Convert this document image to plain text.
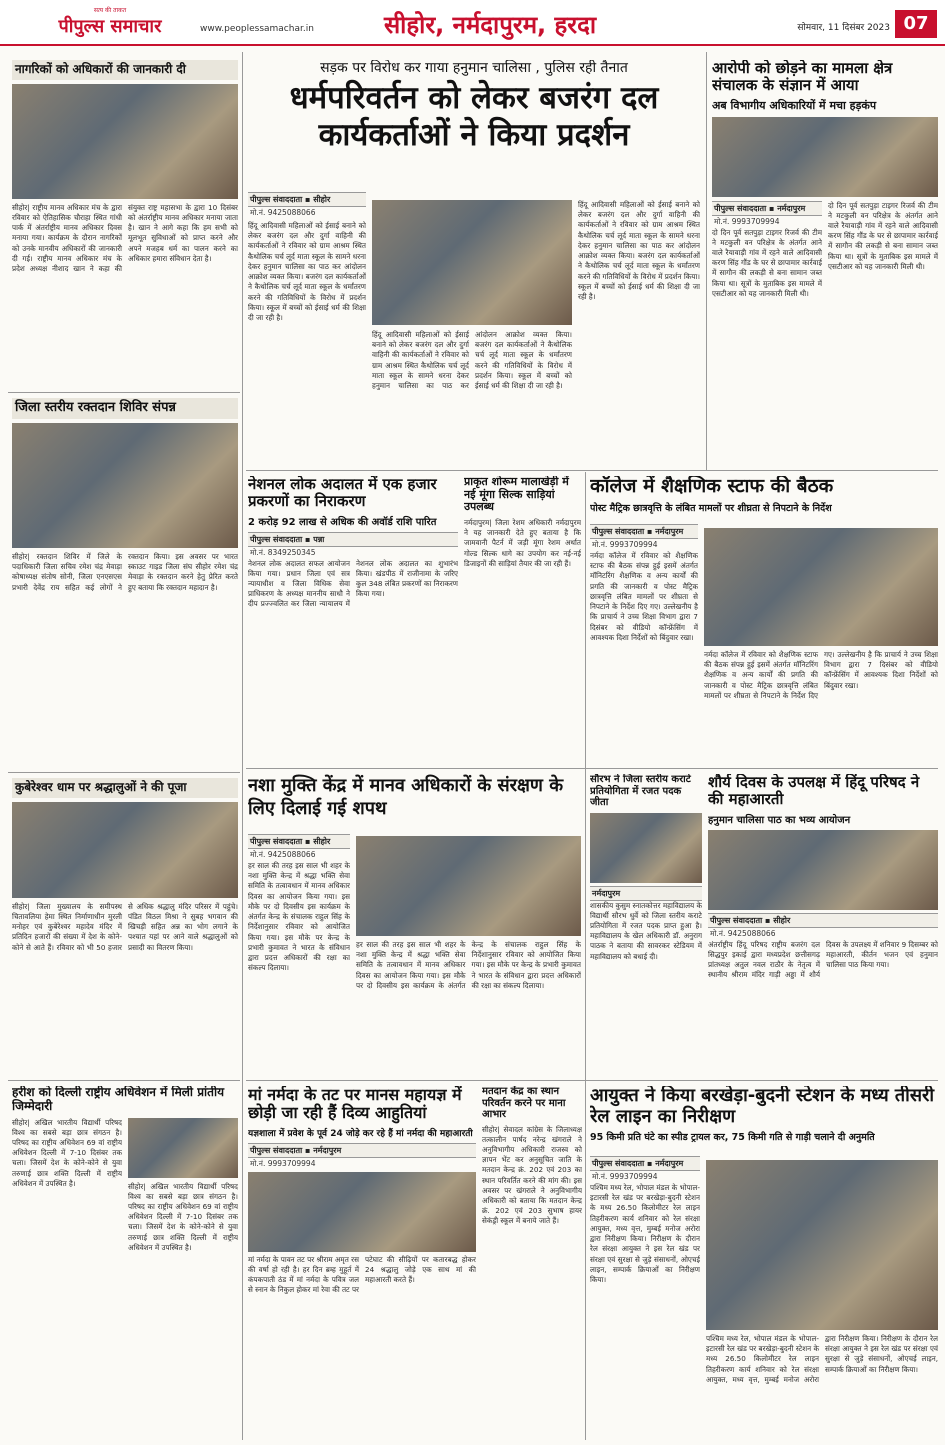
सत्य की ताकत
पीपुल्स समाचार	www.peoplessamachar.in	सीहोर, नर्मदापुरम, हरदा	सोमवार, 11 दिसंबर 2023 07
नागरिकों को अधिकारों की जानकारी दी
सीहोर| राष्ट्रीय मानव अधिकार मंच के द्वारा रविवार को ऐतिहासिक चौराहा स्थित गांधी पार्क में अंतर्राष्ट्रीय मानव अधिकार दिवस मनाया गया। कार्यक्रम के दौरान नागरिकों को उनके मानवीय अधिकारों की जानकारी दी गई। राष्ट्रीय मानव अधिकार मंच के प्रदेश अध्यक्ष नीशाद खान ने कहा की संयुक्त राष्ट्र महासभा के द्वारा 10 दिसंबर को अंतर्राष्ट्रीय मानव अधिकार मनाया जाता है। खान ने आगे कहा कि हम सभी को मूलभूत सुविधाओं को प्राप्त करने और अपने मजहब धर्म का पालन करने का अधिकार हमारा संविधान देता है।
सड़क पर विरोध कर गाया हनुमान चालिसा , पुलिस रही तैनात
धर्मपरिवर्तन को लेकर बजरंग दल कार्यकर्ताओं ने किया प्रदर्शन
पीपुल्स संवाददाता ▪ सीहोर
मो.नं. 9425088066
हिंदू आदिवासी महिलाओं को ईसाई बनाने को लेकर बजरंग दल और दुर्गा वाहिनी की कार्यकर्ताओं ने रविवार को ग्राम आश्रम स्थित कैथोलिक चर्च लूर्द माता स्कूल के सामने धरना देकर हनुमान चालिसा का पाठ कर आंदोलन आक्रोश व्यक्त किया। बजरंग दल कार्यकर्ताओं ने कैथोलिक चर्च लूर्द माता स्कूल के धर्मांतरण करने की गतिविधियों के विरोध में प्रदर्शन किया। स्कूल में बच्चों को ईसाई धर्म की शिक्षा दी जा रही है।
हिंदू आदिवासी महिलाओं को ईसाई बनाने को लेकर बजरंग दल और दुर्गा वाहिनी की कार्यकर्ताओं ने रविवार को ग्राम आश्रम स्थित कैथोलिक चर्च लूर्द माता स्कूल के सामने धरना देकर हनुमान चालिसा का पाठ कर आंदोलन आक्रोश व्यक्त किया। बजरंग दल कार्यकर्ताओं ने कैथोलिक चर्च लूर्द माता स्कूल के धर्मांतरण करने की गतिविधियों के विरोध में प्रदर्शन किया। स्कूल में बच्चों को ईसाई धर्म की शिक्षा दी जा रही है।
हिंदू आदिवासी महिलाओं को ईसाई बनाने को लेकर बजरंग दल और दुर्गा वाहिनी की कार्यकर्ताओं ने रविवार को ग्राम आश्रम स्थित कैथोलिक चर्च लूर्द माता स्कूल के सामने धरना देकर हनुमान चालिसा का पाठ कर आंदोलन आक्रोश व्यक्त किया। बजरंग दल कार्यकर्ताओं ने कैथोलिक चर्च लूर्द माता स्कूल के धर्मांतरण करने की गतिविधियों के विरोध में प्रदर्शन किया। स्कूल में बच्चों को ईसाई धर्म की शिक्षा दी जा रही है।
आरोपी को छोड़ने का मामला क्षेत्र संचालक के संज्ञान में आया
अब विभागीय अधिकारियों में मचा हड़कंप
पीपुल्स संवाददाता ▪ नर्मदापुरम
मो.नं. 9993709994
दो दिन पूर्व सतपुड़ा टाइगर रिजर्व की टीम ने मटकुली वन परिक्षेत्र के अंतर्गत आने वाले रैयावाड़ी गांव में रहने वाले आदिवासी करण सिंह गौंड के घर से छापामार कार्रवाई में सागौन की लकड़ी से बना सामान जब्त किया था। सूत्रों के मुताबिक इस मामले में एसटीआर को यह जानकारी मिली थी।
दो दिन पूर्व सतपुड़ा टाइगर रिजर्व की टीम ने मटकुली वन परिक्षेत्र के अंतर्गत आने वाले रैयावाड़ी गांव में रहने वाले आदिवासी करण सिंह गौंड के घर से छापामार कार्रवाई में सागौन की लकड़ी से बना सामान जब्त किया था। सूत्रों के मुताबिक इस मामले में एसटीआर को यह जानकारी मिली थी।
जिला स्तरीय रक्तदान शिविर संपन्न
सीहोर| रक्तदान शिविर में जिले के पदाधिकारी जिला सचिव रमेश चंद्र मेवाड़ा कोषाध्यक्ष संतोष सोनी, जिला एनएसएस प्रभारी देवेंद्र राय सहित कई लोगों ने रक्तदान किया। इस अवसर पर भारत स्काउट गाइड जिला संघ सीहोर रमेश चंद्र मेवाड़ा के रक्तदान करने हेतु प्रेरित करते हुए बताया कि रक्तदान महादान है।
नेशनल लोक अदालत में एक हजार प्रकरणों का निराकरण
2 करोड़ 92 लाख से अधिक की अवॉर्ड राशि पारित
पीपुल्स संवाददाता ▪ पन्ना
मो.नं. 8349250345
नेशनल लोक अदालत सफल आयोजन किया गया। प्रधान जिला एवं सत्र न्यायाधीश व जिला विधिक सेवा प्राधिकरण के अध्यक्ष माननीय साधौ ने दीप प्रज्ज्वलित कर जिला न्यायालय में नेशनल लोक अदालत का शुभारंभ किया। खंडपीठ में राजीनामा के जरिए कुल 348 लंबित प्रकरणों का निराकरण किया गया।
प्राकृत शोरूम मालाखेड़ी में नई मूंगा सिल्क साड़ियां उपलब्ध
नर्मदापुरम| जिला रेशम अधिकारी नर्मदापुरम ने यह जानकारी देते हुए बताया है कि जामवानी पैटर्न में जड़ी मूंगा रेशम अर्थात गोल्ड सिल्क धागे का उपयोग कर नई-नई डिजाइनों की साड़ियां तैयार की जा रही हैं।
कॉलेज में शैक्षणिक स्टाफ की बैठक
पोस्ट मैट्रिक छात्रवृत्ति के लंबित मामलों पर शीघ्रता से निपटाने के निर्देश
पीपुल्स संवाददाता ▪ नर्मदापुरम
मो.नं. 9993709994
नर्मदा कॉलेज में रविवार को शैक्षणिक स्टाफ की बैठक संपन्न हुई इसमें अंतर्गत मॉनिटरिंग शैक्षणिक व अन्य कार्यों की प्रगति की जानकारी व पोस्ट मैट्रिक छात्रवृत्ति लंबित मामलों पर शीघ्रता से निपटाने के निर्देश दिए गए। उल्लेखनीय है कि प्राचार्य ने उच्च शिक्षा विभाग द्वारा 7 दिसंबर को वीडियो कॉन्फ्रेंसिंग में आवश्यक दिशा निर्देशों को बिंदुवार रखा।
नर्मदा कॉलेज में रविवार को शैक्षणिक स्टाफ की बैठक संपन्न हुई इसमें अंतर्गत मॉनिटरिंग शैक्षणिक व अन्य कार्यों की प्रगति की जानकारी व पोस्ट मैट्रिक छात्रवृत्ति लंबित मामलों पर शीघ्रता से निपटाने के निर्देश दिए गए। उल्लेखनीय है कि प्राचार्य ने उच्च शिक्षा विभाग द्वारा 7 दिसंबर को वीडियो कॉन्फ्रेंसिंग में आवश्यक दिशा निर्देशों को बिंदुवार रखा।
कुबेरेश्वर धाम पर श्रद्धालुओं ने की पूजा
सीहोर| जिला मुख्यालय के समीपस्थ चितावलिया हेमा स्थित निर्माणाधीन मुरली मनोहर एवं कुबेरेश्वर महादेव मंदिर में प्रतिदिन हजारों की संख्या में देश के कोने-कोने से आते हैं। रविवार को भी 50 हजार से अधिक श्रद्धालु मंदिर परिसर में पहुंचे। पंडित विठल मिश्रा ने सुबह भगवान की खिचड़ी सहित अन्न का भोग लगाने के पश्चात यहां पर आने वाले श्रद्धालुओं को प्रसादी का वितरण किया।
नशा मुक्ति केंद्र में मानव अधिकारों के संरक्षण के लिए दिलाई गई शपथ
पीपुल्स संवाददाता ▪ सीहोर
मो.नं. 9425088066
हर साल की तरह इस साल भी शहर के नशा मुक्ति केन्द्र में श्रद्धा भक्ति सेवा समिति के तत्वावधान में मानव अधिकार दिवस का आयोजन किया गया। इस मौके पर दो दिवसीय इस कार्यक्रम के अंतर्गत केन्द्र के संचालक राहुल सिंह के निर्देशानुसार रविवार को आयोजित किया गया। इस मौके पर केन्द्र के प्रभारी कुमावत ने भारत के संविधान द्वारा प्रदत्त अधिकारों की रक्षा का संकल्प दिलाया।
हर साल की तरह इस साल भी शहर के नशा मुक्ति केन्द्र में श्रद्धा भक्ति सेवा समिति के तत्वावधान में मानव अधिकार दिवस का आयोजन किया गया। इस मौके पर दो दिवसीय इस कार्यक्रम के अंतर्गत केन्द्र के संचालक राहुल सिंह के निर्देशानुसार रविवार को आयोजित किया गया। इस मौके पर केन्द्र के प्रभारी कुमावत ने भारत के संविधान द्वारा प्रदत्त अधिकारों की रक्षा का संकल्प दिलाया।
सौरभ ने जिला स्तरीय कराटे प्रतियोगिता में रजत पदक जीता
नर्मदापुरम
शासकीय कुसुम स्नातकोत्तर महाविद्यालय के विद्यार्थी सौरभ धुर्वे को जिला स्तरीय कराटे प्रतियोगिता में रजत पदक प्राप्त हुआ है। महाविद्यालय के खेल अधिकारी डॉ. अनुराग पाठक ने बताया की सावरकर स्टेडियम में महाविद्यालय को बधाई दी।
शौर्य दिवस के उपलक्ष में हिंदू परिषद ने की महाआरती
हनुमान चालिसा पाठ का भव्य आयोजन
पीपुल्स संवाददाता ▪ सीहोर
मो.नं. 9425088066
अंतर्राष्ट्रीय हिंदू परिषद राष्ट्रीय बजरंग दल सिद्धपुर इकाई द्वारा मध्यप्रदेश छत्तीसगढ़ प्रांतध्यक्ष अतुल नवल राठौर के नेतृत्व में स्थानीय श्रीराम मंदिर गाड़ी अड्डा में शौर्य दिवस के उपलक्ष्य में शनिवार 9 दिसम्बर को महाआरती, कीर्तन भजन एवं हनुमान चालिसा पाठ किया गया।
हरीश को दिल्ली राष्ट्रीय अधिवेशन में मिली प्रांतीय जिम्मेदारी
सीहोर| अखिल भारतीय विद्यार्थी परिषद विश्व का सबसे बड़ा छात्र संगठन है। परिषद का राष्ट्रीय अधिवेशन 69 वां राष्ट्रीय अधिवेशन दिल्ली में 7-10 दिसंबर तक चला। जिसमें देश के कोने-कोने से युवा तरुणाई छात्र शक्ति दिल्ली में राष्ट्रीय अधिवेशन में उपस्थित है।	सीहोर| अखिल भारतीय विद्यार्थी परिषद विश्व का सबसे बड़ा छात्र संगठन है। परिषद का राष्ट्रीय अधिवेशन 69 वां राष्ट्रीय अधिवेशन दिल्ली में 7-10 दिसंबर तक चला। जिसमें देश के कोने-कोने से युवा तरुणाई छात्र शक्ति दिल्ली में राष्ट्रीय अधिवेशन में उपस्थित है।
मां नर्मदा के तट पर मानस महायज्ञ में छोड़ी जा रही हैं दिव्य आहुतियां
यज्ञशाला में प्रवेश के पूर्व 24 जोड़े कर रहे हैं मां नर्मदा की महाआरती
पीपुल्स संवाददाता ▪ नर्मदापुरम
मो.नं. 9993709994
मां नर्मदा के पावन तट पर श्रीराम अमृत रस की वर्षा हो रही है। हर दिन ब्रम्ह मुहूर्त में कंपकपाती ठंड में मां नर्मदा के पवित्र जल से स्नान के निकुल होकर मां रेवा की तट पर पटेघाट की सीढ़ियों पर कतारबद्ध होकर 24 श्रद्धालु जोड़े एक साथ मां की महाआरती करते हैं।
मतदान केंद्र का स्थान परिवर्तन करने पर माना आभार
सीहोर| सेवादल कांग्रेस के जिलाध्यक्ष तत्कालीन पार्षद नरेन्द्र खंगराले ने अनुविभागीय अधिकारी राजस्व को ज्ञापन भेंट कर अनुसूचित जाति के मतदान केन्द्र क्रं. 202 एवं 203 का स्थान परिवर्तित करने की मांग की। इस अवसर पर खंगराले ने अनुविभागीय अधिकारी को बताया कि मतदान केन्द्र क्रं. 202 एवं 203 सुभाष हायर सेकंड्री स्कूल में बनाये जाते हैं।
आयुक्त ने किया बरखेड़ा-बुदनी स्टेशन के मध्य तीसरी रेल लाइन का निरीक्षण
95 किमी प्रति घंटे का स्पीड ट्रायल कर, 75 किमी गति से गाड़ी चलाने दी अनुमति
पीपुल्स संवाददाता ▪ नर्मदापुरम
मो.नं. 9993709994
पश्चिम मध्य रेल, भोपाल मंडल के भोपाल-इटारसी रेल खंड पर बरखेड़ा-बुदनी स्टेशन के मध्य 26.50 किलोमीटर रेल लाइन तिहरीकरण कार्य शनिवार को रेल संरक्षा आयुक्त, मध्य वृत्त, मुम्बई मनोज अरोरा द्वारा निरीक्षण किया। निरीक्षण के दौरान रेल संरक्षा आयुक्त ने इस रेल खंड पर संरक्षा एवं सुरक्षा से जुड़े संसाधनों, ओएचई लाइन, सम्पार्क क्रियाओं का निरीक्षण किया।
पश्चिम मध्य रेल, भोपाल मंडल के भोपाल-इटारसी रेल खंड पर बरखेड़ा-बुदनी स्टेशन के मध्य 26.50 किलोमीटर रेल लाइन तिहरीकरण कार्य शनिवार को रेल संरक्षा आयुक्त, मध्य वृत्त, मुम्बई मनोज अरोरा द्वारा निरीक्षण किया। निरीक्षण के दौरान रेल संरक्षा आयुक्त ने इस रेल खंड पर संरक्षा एवं सुरक्षा से जुड़े संसाधनों, ओएचई लाइन, सम्पार्क क्रियाओं का निरीक्षण किया।
